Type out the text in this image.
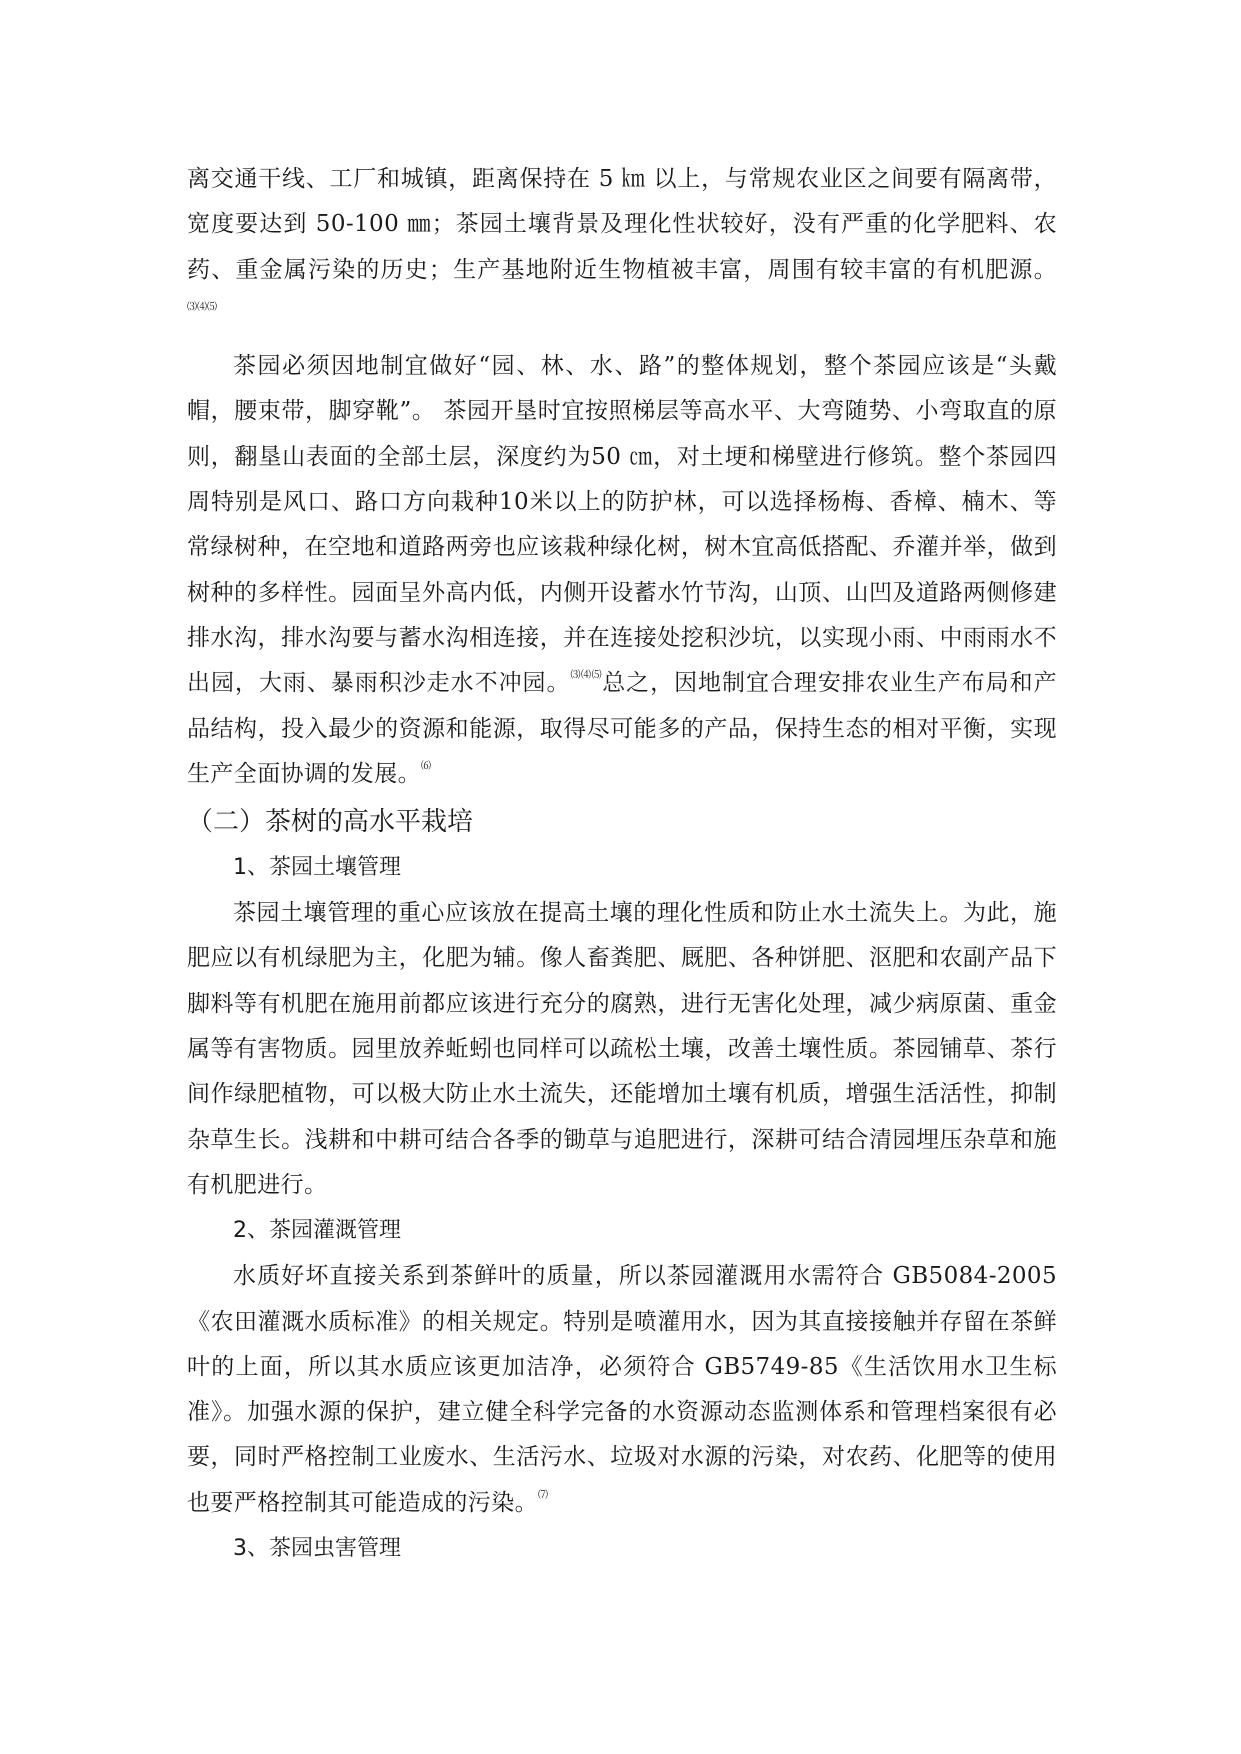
离交通干线、工厂和城镇，距离保持在 5 ㎞ 以上，与常规农业区之间要有隔离带，宽度要达到 50-100 ㎜；茶园土壤背景及理化性状较好，没有严重的化学肥料、农药、重金属污染的历史；生产基地附近生物植被丰富，周围有较丰富的有机肥源。⑶⑷⑸

茶园必须因地制宜做好“园、林、水、路”的整体规划，整个茶园应该是“头戴帽，腰束带，脚穿靴”。 茶园开垦时宜按照梯层等高水平、大弯随势、小弯取直的原则，翻垦山表面的全部土层，深度约为50 ㎝，对土埂和梯壁进行修筑。整个茶园四周特别是风口、路口方向栽种10米以上的防护林，可以选择杨梅、香樟、楠木、等常绿树种，在空地和道路两旁也应该栽种绿化树，树木宜高低搭配、乔灌并举，做到树种的多样性。园面呈外高内低，内侧开设蓄水竹节沟，山顶、山凹及道路两侧修建排水沟，排水沟要与蓄水沟相连接，并在连接处挖积沙坑，以实现小雨、中雨雨水不出园，大雨、暴雨积沙走水不冲园。⑶⑷⑸总之，因地制宜合理安排农业生产布局和产品结构，投入最少的资源和能源，取得尽可能多的产品，保持生态的相对平衡，实现生产全面协调的发展。⑹

（二）茶树的高水平栽培
1、茶园土壤管理

茶园土壤管理的重心应该放在提高土壤的理化性质和防止水土流失上。为此，施肥应以有机绿肥为主，化肥为辅。像人畜粪肥、厩肥、各种饼肥、沤肥和农副产品下脚料等有机肥在施用前都应该进行充分的腐熟，进行无害化处理，减少病原菌、重金属等有害物质。园里放养蚯蚓也同样可以疏松土壤，改善土壤性质。茶园铺草、茶行间作绿肥植物，可以极大防止水土流失，还能增加土壤有机质，增强生活活性，抑制杂草生长。浅耕和中耕可结合各季的锄草与追肥进行，深耕可结合清园埋压杂草和施有机肥进行。

2、茶园灌溉管理

水质好坏直接关系到茶鲜叶的质量，所以茶园灌溉用水需符合 GB5084-2005《农田灌溉水质标准》的相关规定。特别是喷灌用水，因为其直接接触并存留在茶鲜叶的上面，所以其水质应该更加洁净，必须符合 GB5749-85《生活饮用水卫生标准》。加强水源的保护，建立健全科学完备的水资源动态监测体系和管理档案很有必要，同时严格控制工业废水、生活污水、垃圾对水源的污染，对农药、化肥等的使用也要严格控制其可能造成的污染。⑺

3、茶园虫害管理
